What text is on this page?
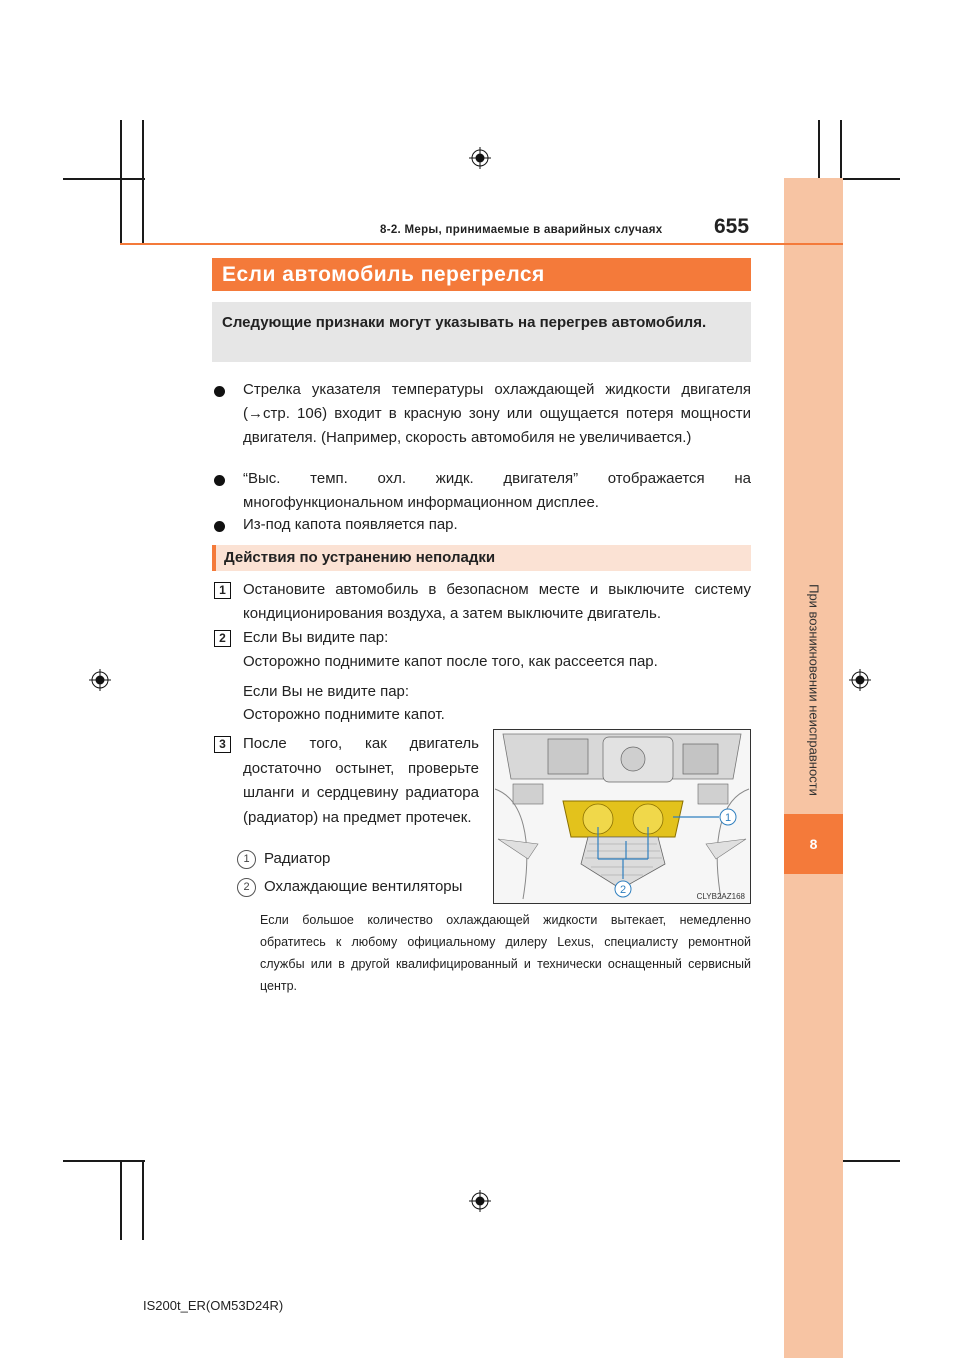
При возникновении неисправности
8
8-2. Меры, принимаемые в аварийных случаях 655
Если автомобиль перегрелся
Следующие признаки могут указывать на перегрев автомобиля.
Стрелка указателя температуры охлаждающей жидкости двигателя (→стр. 106) входит в красную зону или ощущается потеря мощности двигателя. (Например, скорость автомобиля не увеличивается.)
“Выс. темп. охл. жидк. двигателя” отображается на многофункциональном информационном дисплее.
Из-под капота появляется пар.
Действия по устранению неполадки
1	Остановите автомобиль в безопасном месте и выключите систему кондиционирования воздуха, а затем выключите двигатель.
2	Если Вы видите пар:
Осторожно поднимите капот после того, как рассеется пар.
Если Вы не видите пар:
Осторожно поднимите капот.
3	После того, как двигатель достаточно остынет, проверьте шланги и сердцевину радиатора (радиатор) на предмет протечек.
1 Радиатор
2 Охлаждающие вентиляторы
1
2
CLYB2AZ168
Если большое количество охлаждающей жидкости вытекает, немедленно обратитесь к любому официальному дилеру Lexus, специалисту ремонтной службы или в другой квалифицированный и технически оснащенный сервисный центр.
IS200t_ER(OM53D24R)
